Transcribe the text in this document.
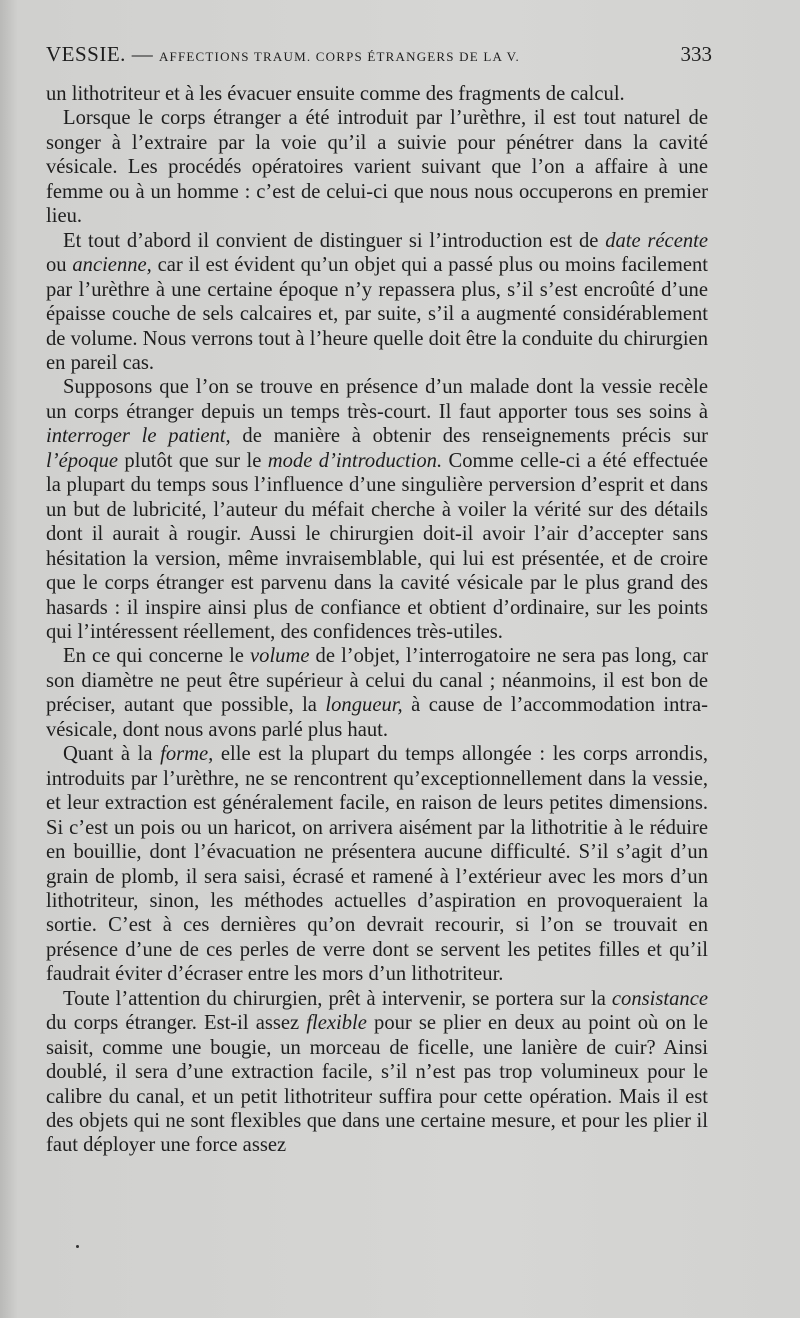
VESSIE. — AFFECTIONS TRAUM. CORPS ÉTRANGERS DE LA V.	333

un lithotriteur et à les évacuer ensuite comme des fragments de calcul.

Lorsque le corps étranger a été introduit par l’urèthre, il est tout naturel de songer à l’extraire par la voie qu’il a suivie pour pénétrer dans la cavité vésicale. Les procédés opératoires varient suivant que l’on a affaire à une femme ou à un homme : c’est de celui-ci que nous nous occuperons en premier lieu.

Et tout d’abord il convient de distinguer si l’introduction est de date récente ou ancienne, car il est évident qu’un objet qui a passé plus ou moins facilement par l’urèthre à une certaine époque n’y repassera plus, s’il s’est encroûté d’une épaisse couche de sels calcaires et, par suite, s’il a augmenté considérablement de volume. Nous verrons tout à l’heure quelle doit être la conduite du chirurgien en pareil cas.

Supposons que l’on se trouve en présence d’un malade dont la vessie recèle un corps étranger depuis un temps très-court. Il faut apporter tous ses soins à interroger le patient, de manière à obtenir des renseignements précis sur l’époque plutôt que sur le mode d’introduction. Comme celle-ci a été effectuée la plupart du temps sous l’influence d’une singulière perversion d’esprit et dans un but de lubricité, l’auteur du méfait cherche à voiler la vérité sur des détails dont il aurait à rougir. Aussi le chirurgien doit-il avoir l’air d’accepter sans hésitation la version, même invraisemblable, qui lui est présentée, et de croire que le corps étranger est parvenu dans la cavité vésicale par le plus grand des hasards : il inspire ainsi plus de confiance et obtient d’ordinaire, sur les points qui l’intéressent réellement, des confidences très-utiles.

En ce qui concerne le volume de l’objet, l’interrogatoire ne sera pas long, car son diamètre ne peut être supérieur à celui du canal ; néanmoins, il est bon de préciser, autant que possible, la longueur, à cause de l’accommodation intra-vésicale, dont nous avons parlé plus haut.

Quant à la forme, elle est la plupart du temps allongée : les corps arrondis, introduits par l’urèthre, ne se rencontrent qu’exceptionnellement dans la vessie, et leur extraction est généralement facile, en raison de leurs petites dimensions. Si c’est un pois ou un haricot, on arrivera aisément par la lithotritie à le réduire en bouillie, dont l’évacuation ne présentera aucune difficulté. S’il s’agit d’un grain de plomb, il sera saisi, écrasé et ramené à l’extérieur avec les mors d’un lithotriteur, sinon, les méthodes actuelles d’aspiration en provoqueraient la sortie. C’est à ces dernières qu’on devrait recourir, si l’on se trouvait en présence d’une de ces perles de verre dont se servent les petites filles et qu’il faudrait éviter d’écraser entre les mors d’un lithotriteur.

Toute l’attention du chirurgien, prêt à intervenir, se portera sur la consistance du corps étranger. Est-il assez flexible pour se plier en deux au point où on le saisit, comme une bougie, un morceau de ficelle, une lanière de cuir? Ainsi doublé, il sera d’une extraction facile, s’il n’est pas trop volumineux pour le calibre du canal, et un petit lithotriteur suffira pour cette opération. Mais il est des objets qui ne sont flexibles que dans une certaine mesure, et pour les plier il faut déployer une force assez
